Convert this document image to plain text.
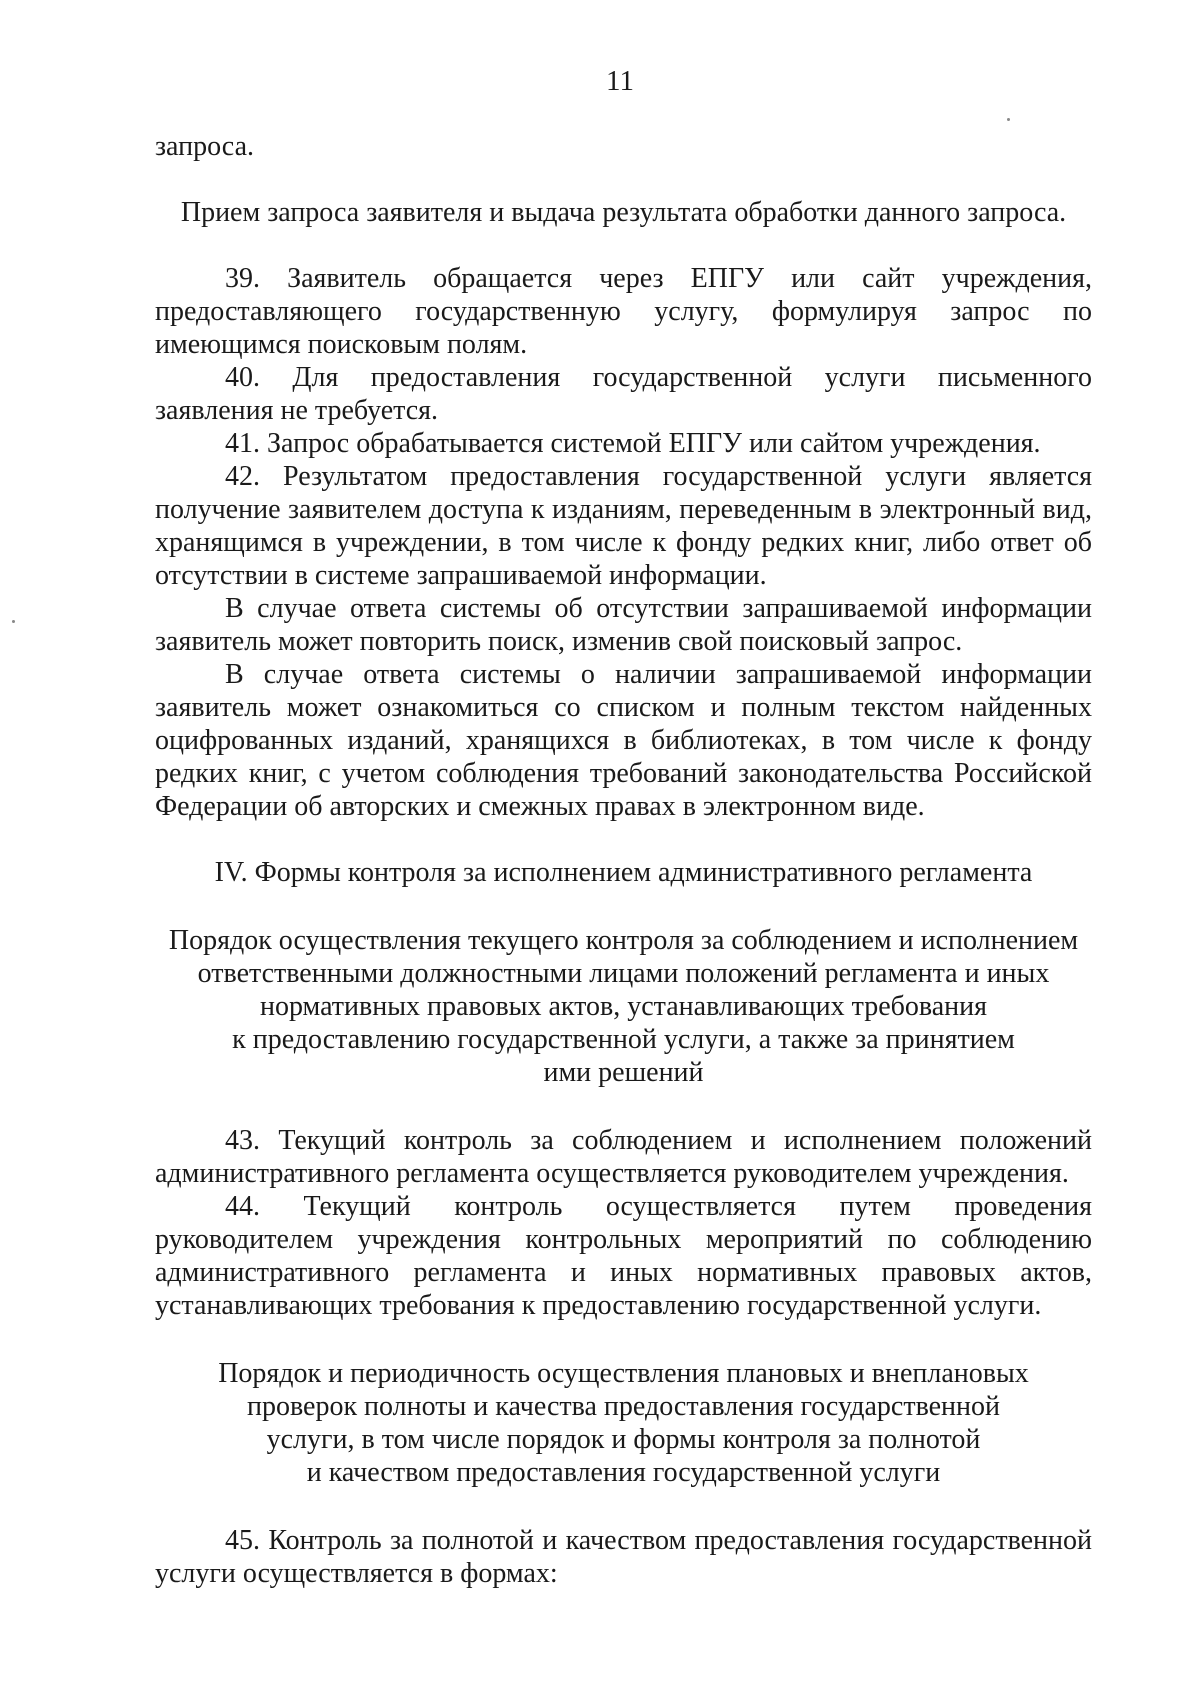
11
запроса.
Прием запроса заявителя и выдача результата обработки данного запроса.
39. Заявитель обращается через ЕПГУ или сайт учреждения,
предоставляющего государственную услугу, формулируя запрос по
имеющимся поисковым полям.
40. Для предоставления государственной услуги письменного
заявления не требуется.
41. Запрос обрабатывается системой ЕПГУ или сайтом учреждения.
42. Результатом предоставления государственной услуги является
получение заявителем доступа к изданиям, переведенным в электронный вид,
хранящимся в учреждении, в том числе к фонду редких книг, либо ответ об
отсутствии в системе запрашиваемой информации.
В случае ответа системы об отсутствии запрашиваемой информации
заявитель может повторить поиск, изменив свой поисковый запрос.
В случае ответа системы о наличии запрашиваемой информации
заявитель может ознакомиться со списком и полным текстом найденных
оцифрованных изданий, хранящихся в библиотеках, в том числе к фонду
редких книг, с учетом соблюдения требований законодательства Российской
Федерации об авторских и смежных правах в электронном виде.
IV. Формы контроля за исполнением административного регламента
Порядок осуществления текущего контроля за соблюдением и исполнением
ответственными должностными лицами положений регламента и иных
нормативных правовых актов, устанавливающих требования
к предоставлению государственной услуги, а также за принятием
ими решений
43. Текущий контроль за соблюдением и исполнением положений
административного регламента осуществляется руководителем учреждения.
44. Текущий контроль осуществляется путем проведения
руководителем учреждения контрольных мероприятий по соблюдению
административного регламента и иных нормативных правовых актов,
устанавливающих требования к предоставлению государственной услуги.
Порядок и периодичность осуществления плановых и внеплановых
проверок полноты и качества предоставления государственной
услуги, в том числе порядок и формы контроля за полнотой
и качеством предоставления государственной услуги
45. Контроль за полнотой и качеством предоставления государственной
услуги осуществляется в формах:
